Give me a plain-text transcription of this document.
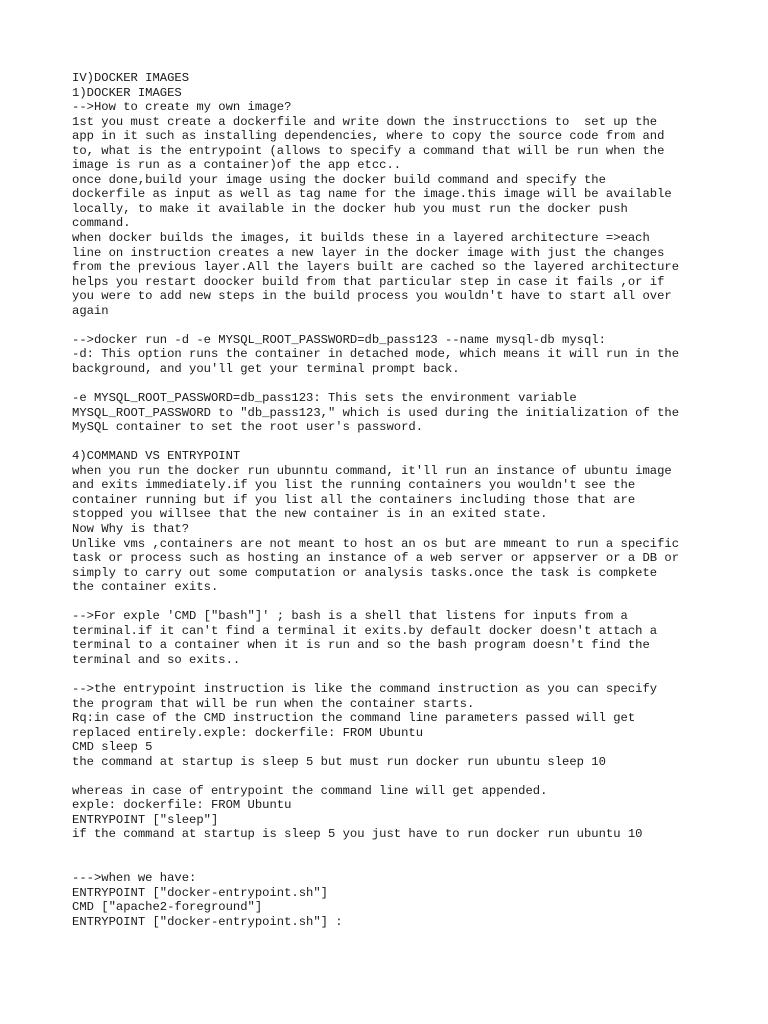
IV)DOCKER IMAGES
1)DOCKER IMAGES
-->How to create my own image?
1st you must create a dockerfile and write down the instrucctions to  set up the
app in it such as installing dependencies, where to copy the source code from and
to, what is the entrypoint (allows to specify a command that will be run when the
image is run as a container)of the app etcc..
once done,build your image using the docker build command and specify the
dockerfile as input as well as tag name for the image.this image will be available
locally, to make it available in the docker hub you must run the docker push
command.
when docker builds the images, it builds these in a layered architecture =>each
line on instruction creates a new layer in the docker image with just the changes
from the previous layer.All the layers built are cached so the layered architecture
helps you restart doocker build from that particular step in case it fails ,or if
you were to add new steps in the build process you wouldn't have to start all over
again
-->docker run -d -e MYSQL_ROOT_PASSWORD=db_pass123 --name mysql-db mysql:
-d: This option runs the container in detached mode, which means it will run in the
background, and you'll get your terminal prompt back.
-e MYSQL_ROOT_PASSWORD=db_pass123: This sets the environment variable
MYSQL_ROOT_PASSWORD to "db_pass123," which is used during the initialization of the
MySQL container to set the root user's password.
4)COMMAND VS ENTRYPOINT
when you run the docker run ubunntu command, it'll run an instance of ubuntu image
and exits immediately.if you list the running containers you wouldn't see the
container running but if you list all the containers including those that are
stopped you willsee that the new container is in an exited state.
Now Why is that?
Unlike vms ,containers are not meant to host an os but are mmeant to run a specific
task or process such as hosting an instance of a web server or appserver or a DB or
simply to carry out some computation or analysis tasks.once the task is compkete
the container exits.
-->For exple 'CMD ["bash"]' ; bash is a shell that listens for inputs from a
terminal.if it can't find a terminal it exits.by default docker doesn't attach a
terminal to a container when it is run and so the bash program doesn't find the
terminal and so exits..
-->the entrypoint instruction is like the command instruction as you can specify
the program that will be run when the container starts.
Rq:in case of the CMD instruction the command line parameters passed will get
replaced entirely.exple: dockerfile: FROM Ubuntu
CMD sleep 5
the command at startup is sleep 5 but must run docker run ubuntu sleep 10
whereas in case of entrypoint the command line will get appended.
exple: dockerfile: FROM Ubuntu
ENTRYPOINT ["sleep"]
if the command at startup is sleep 5 you just have to run docker run ubuntu 10
--->when we have:
ENTRYPOINT ["docker-entrypoint.sh"]
CMD ["apache2-foreground"]
ENTRYPOINT ["docker-entrypoint.sh"] :
